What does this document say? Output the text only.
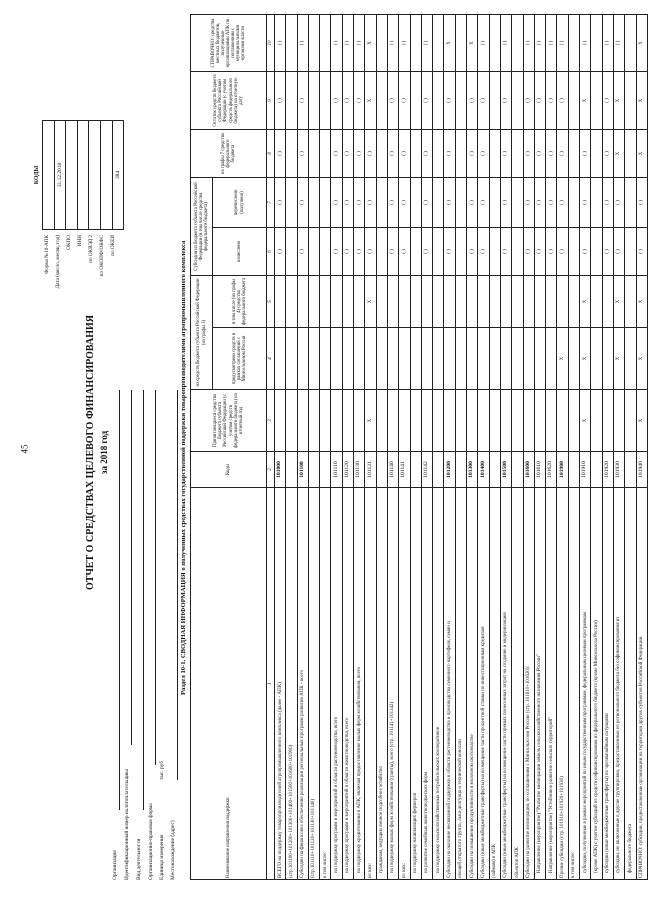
45	ОТЧЕТ О СРЕДСТВАХ ЦЕЛЕВОГО ФИНАНСИРОВАНИЯ за 2018 год
КОДЫ	31.12.2018

384
Форма №10-АПК Дата (число, месяц, год) ОКПО ИНН по ОКВЭД 2 по ОКОПФ/ОКФС по ОКЕИ
Организация Идентификационный номер налогоплательщика Вид деятельности Организационно-правовая форма Единица измерения
тыс. руб
Местонахождение (адрес)
Раздел 10-1. СВОДНАЯ ИНФОРМАЦИЯ о полученных средствах государственной поддержки товаропроизводителями агропромышленного комплекса
Наименование направления поддержки	Коды	Причитающиеся средства бюджета субъекта Российской Федерации (с учетом средств федерального бюджета) на отчетный год	из средств бюджета субъекта Российской Федерации (из графы 3)		Субсидия из бюджета субъекта Российской Федерации (в том числе средства федерального бюджета)		из графы 7 средства федерального бюджета	Остаток средств бюджета субъекта Российской Федерации (с учетом средств федерального бюджета) на отчетную дату	СПРАВОЧНО: средства местных бюджетов, полученные организациями АПК по соглашениям с муниципальными органами власти
			предусмотрено средств в рамках соглашений с Минсельхозом России	в том числе (из графы 4) средства федерального бюджета	начислено	перечислено (получено)			
1	2	3	4	5	6	7	8	9	10
ВСЕГО на поддержку товаропроизводителей агропромышленного комплекса (далее - АПК)	101000				( )	( )	( )	( )	( )
(стр.101100+101200+101300+101400+101500+101600+101900)									
Субсидии на финансовое обеспечение реализации региональных программ развития АПК - всего	101100				( )	( )	( )	( )	( )
(стр.101110+101120+101130+101140)									
в том числе:									
на поддержку программ и мероприятий в области растениеводства, всего	101110				( )	( )	( )	( )	( )
на поддержку программ и мероприятий в области животноводства, всего	101120				( )	( )	( )	( )	( )
на поддержку кредитования в АПК, включая предоставление малых форм хозяйствования, всего	101130				( )	( )	( )	( )	( )
из них:	101131	X		X	( )	( )	( )	X	X
гражданам, ведущим личное подсобное хозяйство									
на поддержку малых форм хозяйствования (гранты), всего (стр. 101141+101142)	101140				( )	( )	( )	( )	( )
из них:	101141				( )	( )	( )	( )	( )
на поддержку начинающих фермеров									
на развитие семейных животноводческих ферм	101142				( )	( )	( )	( )	( )
на поддержку сельскохозяйственных потребительских кооперативов									
Субсидии на оказание несвязанной поддержки в области растениеводства и производства семенного картофеля, семян и	101200				( )	( )	( )	( )	X
овощей открытого грунта, льна-долгунца и технической конопли									
Субсидии на повышение продуктивности в молочном скотоводстве	101300				( )	( )	( )	( )	X
Субсидии (иные межбюджетные трансферты) на возмещение части процентной ставки по инвестиционным кредитам	101400				( )	( )	( )	( )	( )
(займам) в АПК									
Субсидии (иные межбюджетные трансферты) на возмещение части прямых понесенных затрат на создание и модернизацию	101500				( )	( )	( )	( )	( )
объектов АПК									
Субсидии на развитие мелиорации, по соглашениям с Минсельхозом России (стр. 101610+101620):	101600				( )	( )	( )	( )	( )
Направление (мероприятие) "Развитие мелиорации земель сельскохозяйственного назначения России"	101610				( )	( )	( )	( )	( )
Направление (мероприятие) "Устойчивое развитие сельских территорий"	101620				( )	( )	( )	( )	( )
Прочие субсидии (стр. 101910+101920+101930)	101900		X		( )	( )	( )	( )	( )
в том числе:									
субсидии, полученные в рамках мероприятий по иным государственным программам, федеральным целевым программам	101910	X	X	X	( )	( )	( )	X	( )
(кроме АПК) с учетом субсидий из средств софинансирования из федерального бюджета (кроме Минсельхоза России)									
субсидии (иные межбюджетные трансферты) по чрезвычайным ситуациям	101920				( )	( )	( )	( )	( )
субсидии, не включенные в другие группировки, предоставленные из регионального бюджета без софинансирования из	101930		X	X	( )	( )	X	X	( )
федерального бюджета									
СПРАВОЧНО: субсидии, предоставленные организации на территории других субъектов Российской Федерации	101940	X	X	X	( )	( )	X	X	X
